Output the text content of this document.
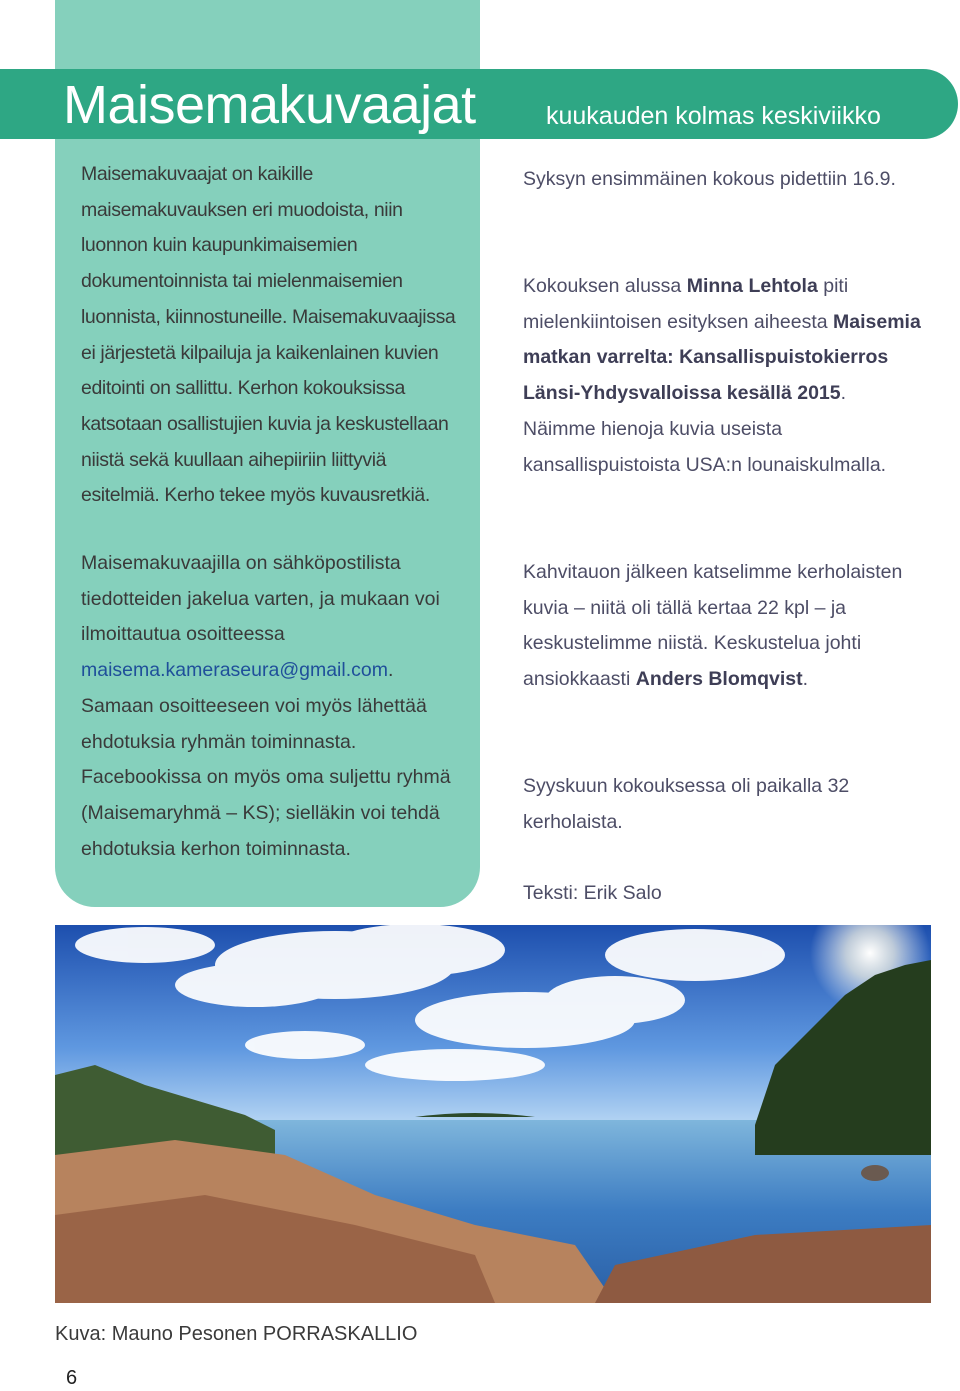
Maisemakuvaajat	kuukauden kolmas keskiviikko

Maisemakuvaajat on kaikille maisemakuvauksen eri muodoista, niin luonnon kuin kaupunkimaisemien dokumentoinnista tai mielenmaisemien luonnista, kiinnostuneille. Maisemakuvaajissa ei järjestetä kilpailuja ja kaikenlainen kuvien editointi on sallittu. Kerhon kokouksissa katsotaan osallistujien kuvia ja keskustellaan niistä sekä kuullaan aihepiiriin liittyviä esitelmiä. Kerho tekee myös kuvausretkiä.

Maisemakuvaajilla on sähköpostilista tiedotteiden jakelua varten, ja mukaan voi ilmoittautua osoitteessa maisema.kameraseura@gmail.com. Samaan osoitteeseen voi myös lähettää ehdotuksia ryhmän toiminnasta. Facebookissa on myös oma suljettu ryhmä (Maisemaryhmä – KS); sielläkin voi tehdä ehdotuksia kerhon toiminnasta.

Syksyn ensimmäinen kokous pidettiin 16.9.

Kokouksen alussa Minna Lehtola piti mielenkiintoisen esityksen aiheesta Maisemia matkan varrelta: Kansallispuistokierros Länsi-Yhdysvalloissa kesällä 2015. Näimme hienoja kuvia useista kansallispuistoista USA:n lounaiskulmalla.

Kahvitauon jälkeen katselimme kerholaisten kuvia – niitä oli tällä kertaa 22 kpl – ja keskustelimme niistä. Keskustelua johti ansiokkaasti Anders Blomqvist.

Syyskuun kokouksessa oli paikalla 32 kerholaista.

Teksti: Erik Salo

Kuva: Mauno Pesonen PORRASKALLIO

6
